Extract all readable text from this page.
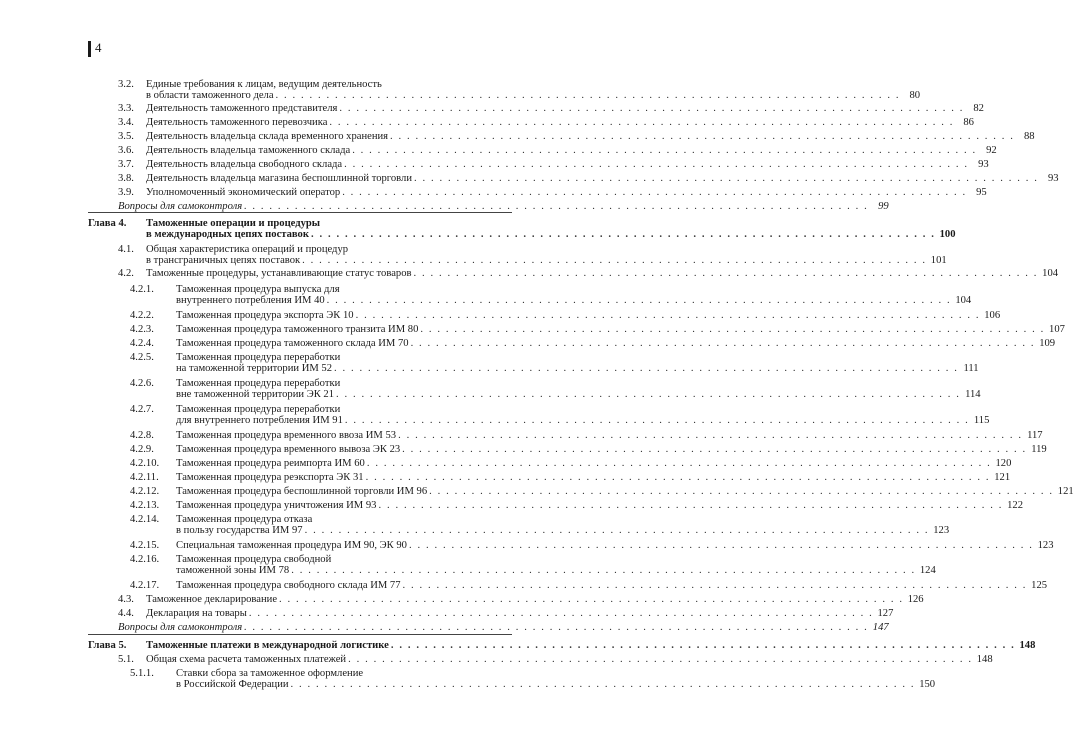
4
3.2. Единые требования к лицам, ведущим деятельность
в области таможенного дела . . . . . . . . . . . . . . . . . . . . . . . . . . . . . . . . . . . . . . . . . . . . . . . . . . . . . . . . . . . . . . . . . . . . . . . . . . 80
3.3. Деятельность таможенного представителя . . . . . . . . . . . . . . . . . . . . . . . . . . . . . . . . . . . . . . . . . . . . . . . . . . . . . . . . . . . . . . . . . . . . . . . . . . 82
3.4. Деятельность таможенного перевозчика . . . . . . . . . . . . . . . . . . . . . . . . . . . . . . . . . . . . . . . . . . . . . . . . . . . . . . . . . . . . . . . . . . . . . . . . . . 86
3.5. Деятельность владельца склада временного хранения . . . . . . . . . . . . . . . . . . . . . . . . . . . . . . . . . . . . . . . . . . . . . . . . . . . . . . . . . . . . . . . . . . . . . . . . . . 88
3.6. Деятельность владельца таможенного склада . . . . . . . . . . . . . . . . . . . . . . . . . . . . . . . . . . . . . . . . . . . . . . . . . . . . . . . . . . . . . . . . . . . . . . . . . . 92
3.7. Деятельность владельца свободного склада . . . . . . . . . . . . . . . . . . . . . . . . . . . . . . . . . . . . . . . . . . . . . . . . . . . . . . . . . . . . . . . . . . . . . . . . . . 93
3.8. Деятельность владельца магазина беспошлинной торговли . . . . . . . . . . . . . . . . . . . . . . . . . . . . . . . . . . . . . . . . . . . . . . . . . . . . . . . . . . . . . . . . . . . . . . . . . . 93
3.9. Уполномоченный экономический оператор . . . . . . . . . . . . . . . . . . . . . . . . . . . . . . . . . . . . . . . . . . . . . . . . . . . . . . . . . . . . . . . . . . . . . . . . . . 95
Вопросы для самоконтроля . . . . . . . . . . . . . . . . . . . . . . . . . . . . . . . . . . . . . . . . . . . . . . . . . . . . . . . . . . . . . . . . . . . . . . . . . . 99
Глава 4. Таможенные операции и процедуры
в международных цепях поставок . . . . . . . . . . . . . . . . . . . . . . . . . . . . . . . . . . . . . . . . . . . . . . . . . . . . . . . . . . . . . . . . . . . . . . . . . . 100
4.1. Общая характеристика операций и процедур
в трансграничных цепях поставок . . . . . . . . . . . . . . . . . . . . . . . . . . . . . . . . . . . . . . . . . . . . . . . . . . . . . . . . . . . . . . . . . . . . . . . . . . 101
4.2. Таможенные процедуры, устанавливающие статус товаров . . . . . . . . . . . . . . . . . . . . . . . . . . . . . . . . . . . . . . . . . . . . . . . . . . . . . . . . . . . . . . . . . . . . . . . . . . 104
4.2.1. Таможенная процедура выпуска для
внутреннего потребления ИМ 40 . . . . . . . . . . . . . . . . . . . . . . . . . . . . . . . . . . . . . . . . . . . . . . . . . . . . . . . . . . . . . . . . . . . . . . . . . . 104
4.2.2. Таможенная процедура экспорта ЭК 10 . . . . . . . . . . . . . . . . . . . . . . . . . . . . . . . . . . . . . . . . . . . . . . . . . . . . . . . . . . . . . . . . . . . . . . . . . . 106
4.2.3. Таможенная процедура таможенного транзита ИМ 80 . . . . . . . . . . . . . . . . . . . . . . . . . . . . . . . . . . . . . . . . . . . . . . . . . . . . . . . . . . . . . . . . . . . . . . . . . . 107
4.2.4. Таможенная процедура таможенного склада ИМ 70 . . . . . . . . . . . . . . . . . . . . . . . . . . . . . . . . . . . . . . . . . . . . . . . . . . . . . . . . . . . . . . . . . . . . . . . . . . 109
4.2.5. Таможенная процедура переработки
на таможенной территории ИМ 52 . . . . . . . . . . . . . . . . . . . . . . . . . . . . . . . . . . . . . . . . . . . . . . . . . . . . . . . . . . . . . . . . . . . . . . . . . . 111
4.2.6. Таможенная процедура переработки
вне таможенной территории ЭК 21 . . . . . . . . . . . . . . . . . . . . . . . . . . . . . . . . . . . . . . . . . . . . . . . . . . . . . . . . . . . . . . . . . . . . . . . . . . 114
4.2.7. Таможенная процедура переработки
для внутреннего потребления ИМ 91 . . . . . . . . . . . . . . . . . . . . . . . . . . . . . . . . . . . . . . . . . . . . . . . . . . . . . . . . . . . . . . . . . . . . . . . . . . 115
4.2.8. Таможенная процедура временного ввоза ИМ 53 . . . . . . . . . . . . . . . . . . . . . . . . . . . . . . . . . . . . . . . . . . . . . . . . . . . . . . . . . . . . . . . . . . . . . . . . . . 117
4.2.9. Таможенная процедура временного вывоза ЭК 23 . . . . . . . . . . . . . . . . . . . . . . . . . . . . . . . . . . . . . . . . . . . . . . . . . . . . . . . . . . . . . . . . . . . . . . . . . . 119
4.2.10. Таможенная процедура реимпорта ИМ 60 . . . . . . . . . . . . . . . . . . . . . . . . . . . . . . . . . . . . . . . . . . . . . . . . . . . . . . . . . . . . . . . . . . . . . . . . . . 120
4.2.11. Таможенная процедура реэкспорта ЭК 31 . . . . . . . . . . . . . . . . . . . . . . . . . . . . . . . . . . . . . . . . . . . . . . . . . . . . . . . . . . . . . . . . . . . . . . . . . . 121
4.2.12. Таможенная процедура беспошлинной торговли ИМ 96 . . . . . . . . . . . . . . . . . . . . . . . . . . . . . . . . . . . . . . . . . . . . . . . . . . . . . . . . . . . . . . . . . . . . . . . . . . 121
4.2.13. Таможенная процедура уничтожения ИМ 93 . . . . . . . . . . . . . . . . . . . . . . . . . . . . . . . . . . . . . . . . . . . . . . . . . . . . . . . . . . . . . . . . . . . . . . . . . . 122
4.2.14. Таможенная процедура отказа
в пользу государства ИМ 97 . . . . . . . . . . . . . . . . . . . . . . . . . . . . . . . . . . . . . . . . . . . . . . . . . . . . . . . . . . . . . . . . . . . . . . . . . . 123
4.2.15. Специальная таможенная процедура ИМ 90, ЭК 90 . . . . . . . . . . . . . . . . . . . . . . . . . . . . . . . . . . . . . . . . . . . . . . . . . . . . . . . . . . . . . . . . . . . . . . . . . . 123
4.2.16. Таможенная процедура свободной
таможенной зоны ИМ 78 . . . . . . . . . . . . . . . . . . . . . . . . . . . . . . . . . . . . . . . . . . . . . . . . . . . . . . . . . . . . . . . . . . . . . . . . . . 124
4.2.17. Таможенная процедура свободного склада ИМ 77 . . . . . . . . . . . . . . . . . . . . . . . . . . . . . . . . . . . . . . . . . . . . . . . . . . . . . . . . . . . . . . . . . . . . . . . . . . 125
4.3. Таможенное декларирование . . . . . . . . . . . . . . . . . . . . . . . . . . . . . . . . . . . . . . . . . . . . . . . . . . . . . . . . . . . . . . . . . . . . . . . . . . 126
4.4. Декларация на товары . . . . . . . . . . . . . . . . . . . . . . . . . . . . . . . . . . . . . . . . . . . . . . . . . . . . . . . . . . . . . . . . . . . . . . . . . . 127
Вопросы для самоконтроля . . . . . . . . . . . . . . . . . . . . . . . . . . . . . . . . . . . . . . . . . . . . . . . . . . . . . . . . . . . . . . . . . . . . . . . . . . 147
Глава 5. Таможенные платежи в международной логистике . . . . . . . . . . . . . . . . . . . . . . . . . . . . . . . . . . . . . . . . . . . . . . . . . . . . . . . . . . . . . . . . . . . . . . . . . . 148
5.1. Общая схема расчета таможенных платежей . . . . . . . . . . . . . . . . . . . . . . . . . . . . . . . . . . . . . . . . . . . . . . . . . . . . . . . . . . . . . . . . . . . . . . . . . . 148
5.1.1. Ставки сбора за таможенное оформление
в Российской Федерации . . . . . . . . . . . . . . . . . . . . . . . . . . . . . . . . . . . . . . . . . . . . . . . . . . . . . . . . . . . . . . . . . . . . . . . . . . 150
